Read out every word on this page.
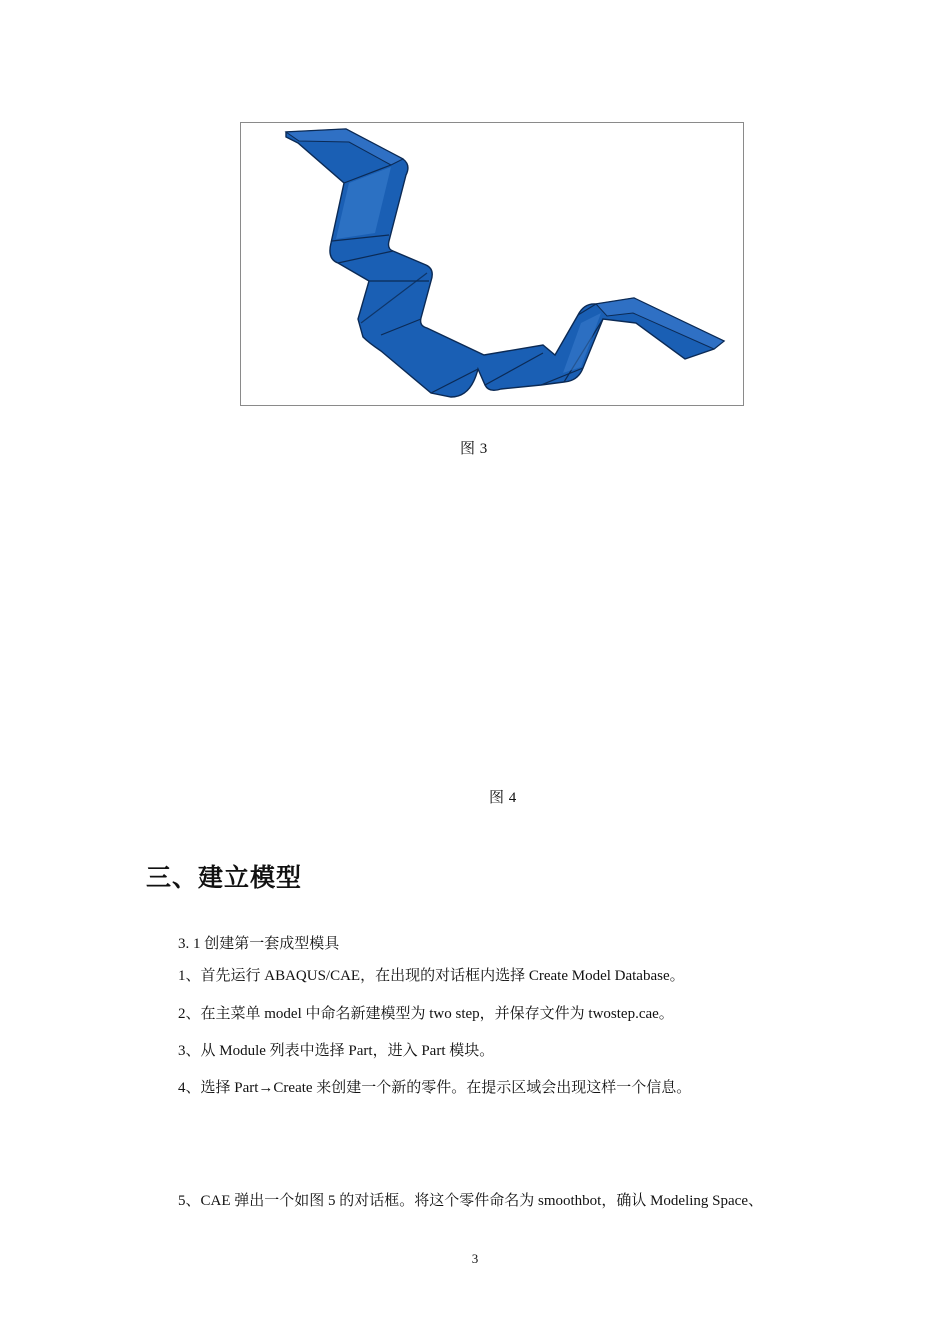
图 3
图 4
三、建立模型
3. 1 创建第一套成型模具
1、首先运行 ABAQUS/CAE，在出现的对话框内选择 Create Model Database。
2、在主菜单 model 中命名新建模型为 two step，并保存文件为 twostep.cae。
3、从 Module 列表中选择 Part，进入 Part 模块。
4、选择 Part→Create 来创建一个新的零件。在提示区域会出现这样一个信息。
5、CAE 弹出一个如图 5 的对话框。将这个零件命名为 smoothbot，确认 Modeling Space、
3
